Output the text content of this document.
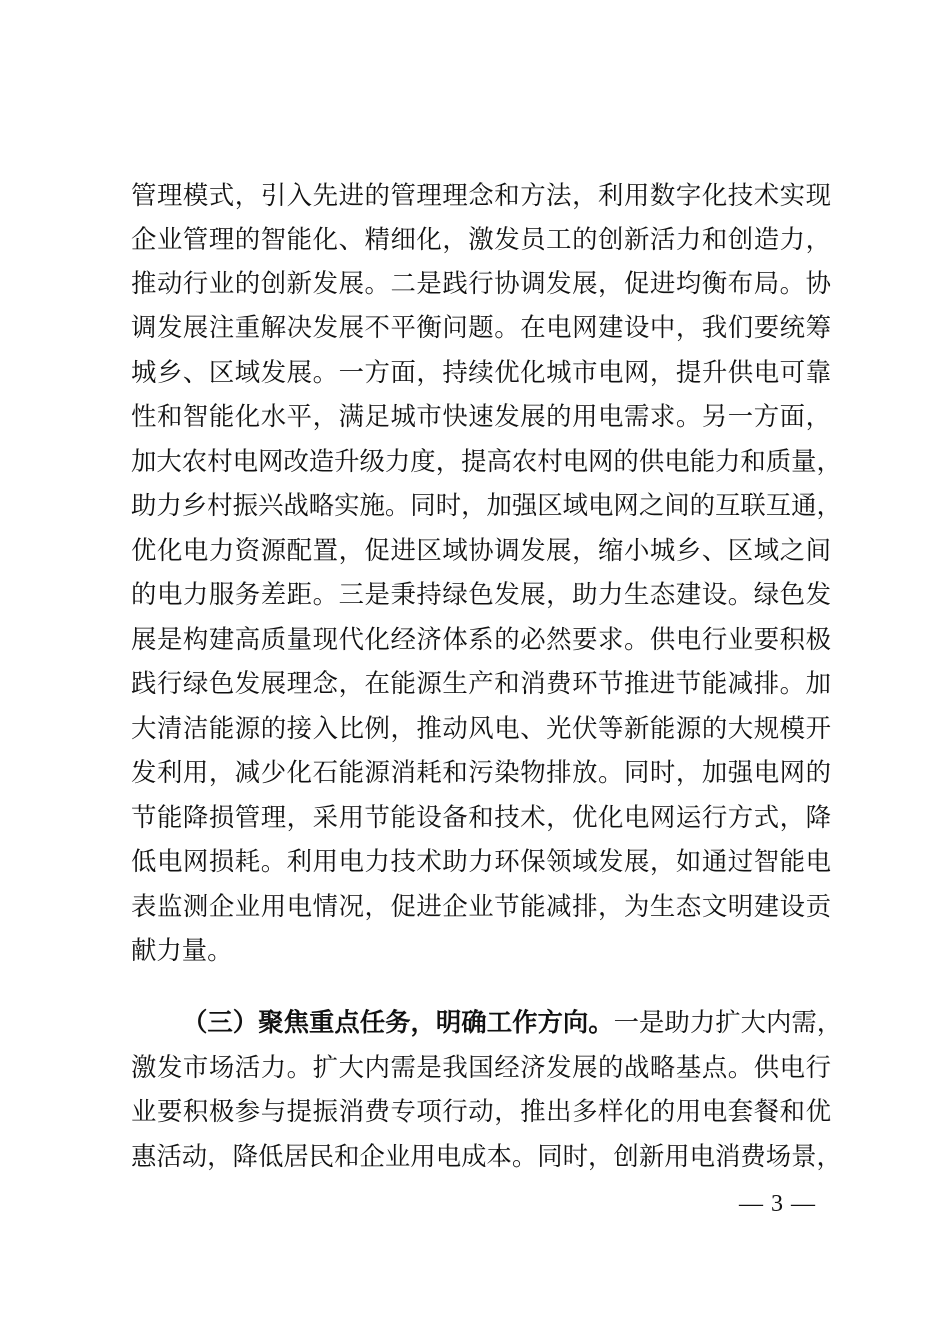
管理模式，引入先进的管理理念和方法，利用数字化技术实现
企业管理的智能化、精细化，激发员工的创新活力和创造力，
推动行业的创新发展。二是践行协调发展，促进均衡布局。协
调发展注重解决发展不平衡问题。在电网建设中，我们要统筹
城乡、区域发展。一方面，持续优化城市电网，提升供电可靠
性和智能化水平，满足城市快速发展的用电需求。另一方面，
加大农村电网改造升级力度，提高农村电网的供电能力和质量，
助力乡村振兴战略实施。同时，加强区域电网之间的互联互通，
优化电力资源配置，促进区域协调发展，缩小城乡、区域之间
的电力服务差距。三是秉持绿色发展，助力生态建设。绿色发
展是构建高质量现代化经济体系的必然要求。供电行业要积极
践行绿色发展理念，在能源生产和消费环节推进节能减排。加
大清洁能源的接入比例，推动风电、光伏等新能源的大规模开
发利用，减少化石能源消耗和污染物排放。同时，加强电网的
节能降损管理，采用节能设备和技术，优化电网运行方式，降
低电网损耗。利用电力技术助力环保领域发展，如通过智能电
表监测企业用电情况，促进企业节能减排，为生态文明建设贡
献力量。
（三）聚焦重点任务，明确工作方向。一是助力扩大内需，
激发市场活力。扩大内需是我国经济发展的战略基点。供电行
业要积极参与提振消费专项行动，推出多样化的用电套餐和优
惠活动，降低居民和企业用电成本。同时，创新用电消费场景，
— 3 —
